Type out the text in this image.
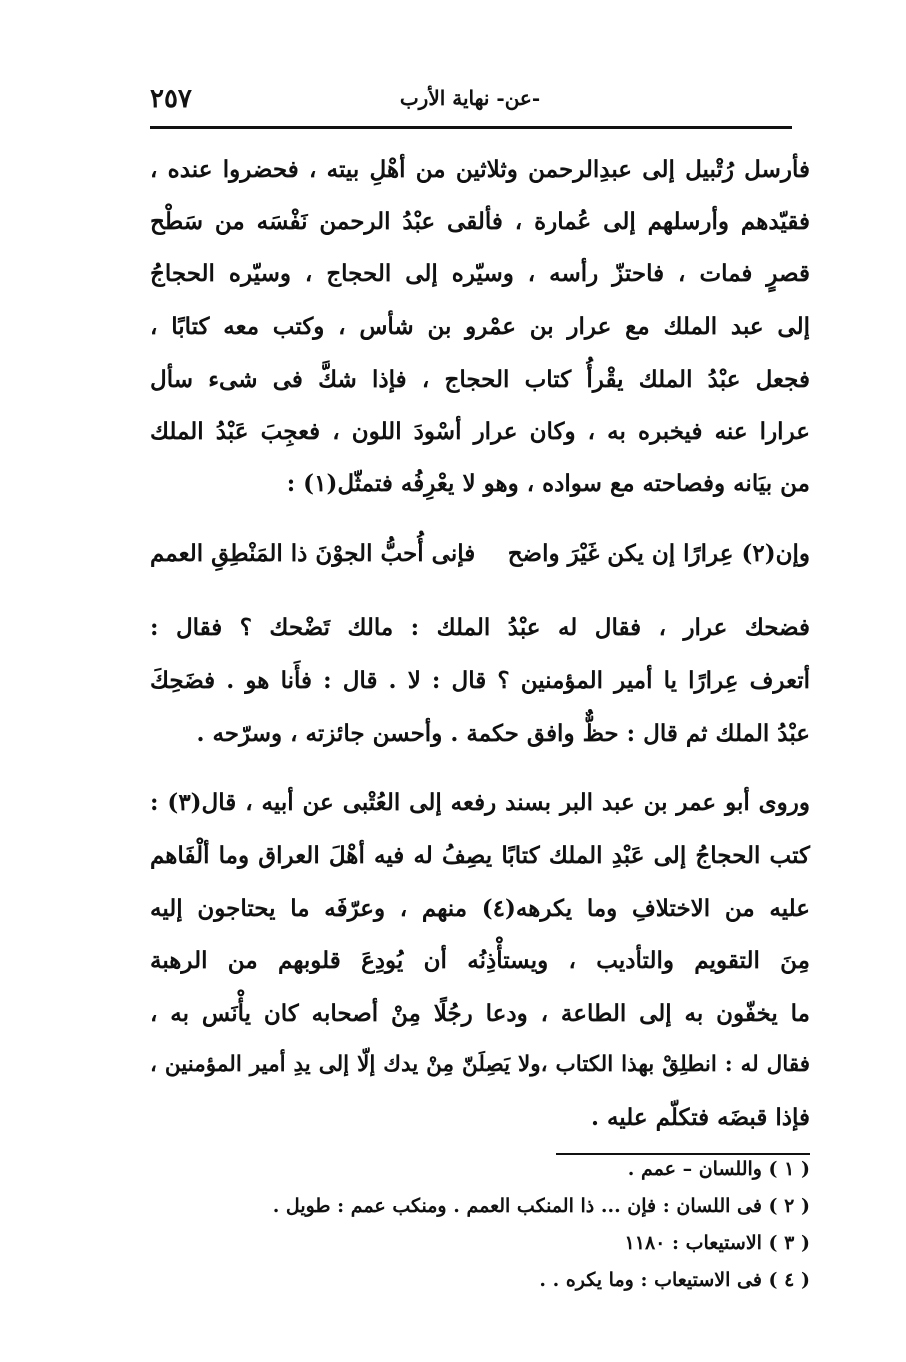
٢٥٧	-عن- نهاية الأرب
فأرسل رُتْبيل إلى عبدِالرحمن وثلاثين من أهْلِ بيته ، فحضروا عنده ،
فقيّدهم وأرسلهم إلى عُمارة ، فألقى عبْدُ الرحمن نَفْسَه من سَطْح
قصرٍ فمات ، فاحتزّ رأسه ، وسيّره إلى الحجاج ، وسيّره الحجاجُ
إلى عبد الملك مع عرار بن عمْرو بن شأس ، وكتب معه كتابًا ،
فجعل عبْدُ الملك يقْرأُ كتاب الحجاج ، فإذا شكَّ فى شىء سأل
عرارا عنه فيخبره به ، وكان عرار أسْودَ اللون ، فعجِبَ عَبْدُ الملك
من بيَانه وفصاحته مع سواده ، وهو لا يعْرِفُه فتمثّل(١) :
وإن(٢) عِرارًا إن يكن غَيْرَ واضح
فإنى أُحبُّ الجوْنَ ذا المَنْطِقِ العمم
فضحك عرار ، فقال له عبْدُ الملك : مالك تَضْحك ؟ فقال :
أتعرف عِرارًا يا أمير المؤمنين ؟ قال : لا . قال : فأَنا هو . فضَحِكَ
عبْدُ الملك ثم قال : حظٌّ وافق حكمة . وأحسن جائزته ، وسرّحه .
وروى أبو عمر بن عبد البر بسند رفعه إلى العُتْبى عن أبيه ، قال(٣) :
كتب الحجاجُ إلى عَبْدِ الملك كتابًا يصِفُ له فيه أهْلَ العراق وما ألْفَاهم
عليه من الاختلافِ وما يكرهه(٤) منهم ، وعرّفَه ما يحتاجون إليه
مِنَ التقويم والتأديب ، ويستأْذِنُه أن يُودِعَ قلوبهم من الرهبة
ما يخفّون به إلى الطاعة ، ودعا رجُلًا مِنْ أصحابه كان يأْنَس به ،
فقال له : انطلِقْ بهذا الكتاب ،ولا يَصِلَنّ مِنْ يدك إلّا إلى يدِ أمير المؤمنين ،
فإذا قبضَه فتكلّم عليه .
( ١ ) واللسان – عمم .
( ٢ ) فى اللسان : فإن ... ذا المنكب العمم . ومنكب عمم : طويل .
( ٣ ) الاستيعاب : ١١٨٠
( ٤ ) فى الاستيعاب : وما يكره . .
